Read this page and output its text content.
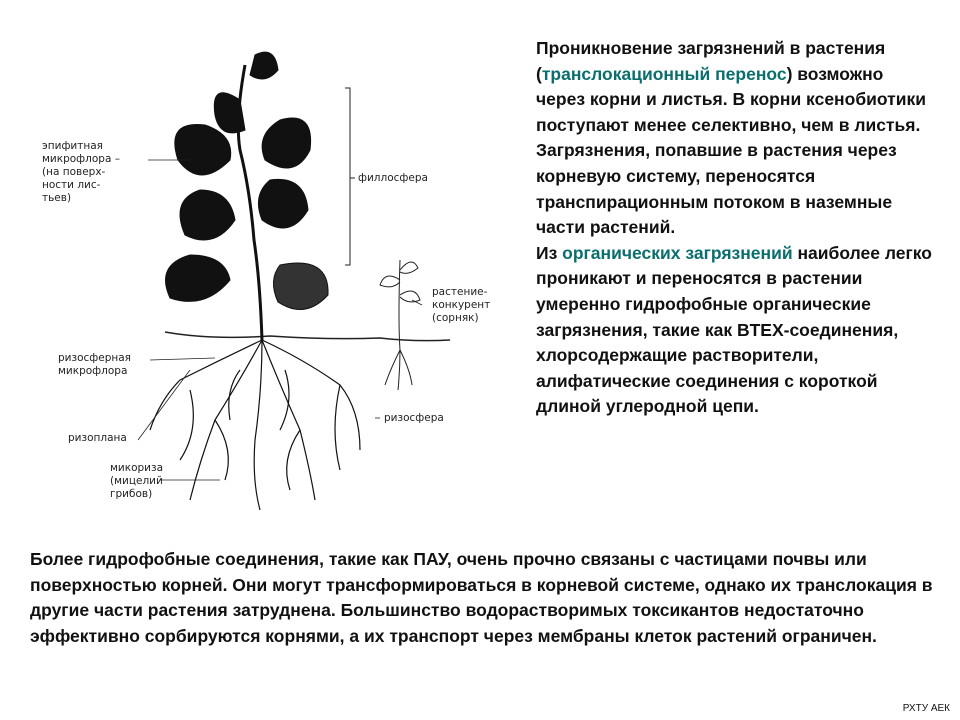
эпифитная
микрофлора –
(на поверх-
ности лис-
тьев)
филлосфера
растение-
конкурент
(сорняк)
ризосферная
микрофлора
ризосфера
ризоплана
микориза
(мицелий
грибов)
Проникновение загрязнений в растения (транслокационный перенос) возможно через корни и листья. В корни ксенобиотики поступают менее селективно, чем в листья. Загрязнения, попавшие в растения через корневую систему, переносятся транспирационным потоком в наземные части растений.
Из органических загрязнений наиболее легко проникают и переносятся в растении умеренно гидрофобные органические загрязнения, такие как BTEX-соединения, хлорсодержащие растворители, алифатические соединения с короткой длиной углеродной цепи.
Более гидрофобные соединения, такие как ПАУ, очень прочно связаны с частицами почвы или поверхностью корней. Они могут трансформироваться в корневой системе, однако их транслокация в другие части растения затруднена. Большинство водорастворимых токсикантов недостаточно эффективно сорбируются корнями, а их транспорт через мембраны клеток растений ограничен.
РХТУ АЕК
